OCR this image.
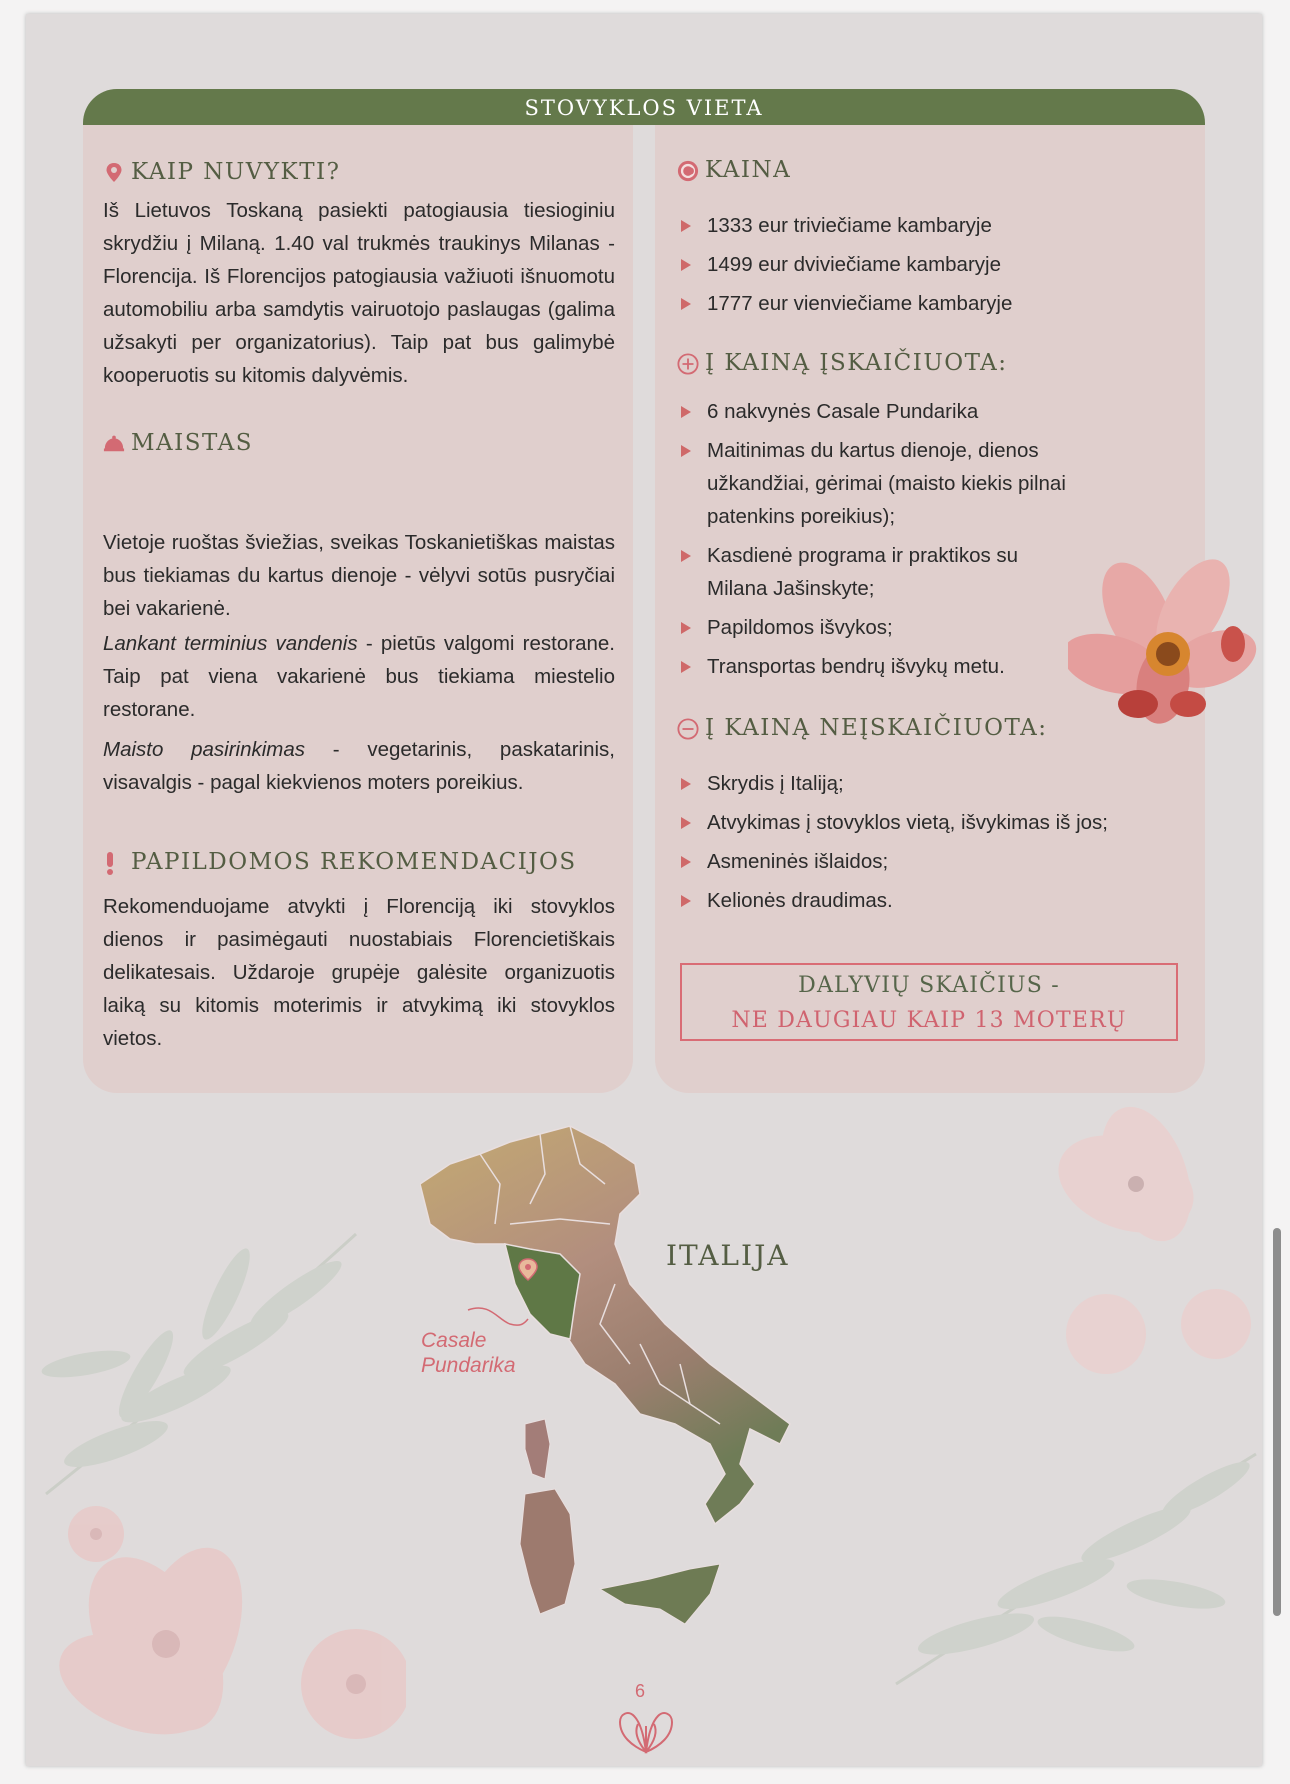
STOVYKLOS VIETA
KAIP NUVYKTI?

Iš Lietuvos Toskaną pasiekti patogiausia tiesioginiu skrydžiu į Milaną. 1.40 val trukmės traukinys Milanas - Florencija. Iš Florencijos patogiausia važiuoti išnuomotu automobiliu arba samdytis vairuotojo paslaugas (galima užsakyti per organizatorius). Taip pat bus galimybė kooperuotis su kitomis dalyvėmis.

MAISTAS

Vietoje ruoštas šviežias, sveikas Toskanietiškas maistas bus tiekiamas du kartus dienoje - vėlyvi sotūs pusryčiai bei vakarienė.

Lankant terminius vandenis - pietūs valgomi restorane. Taip pat viena vakarienė bus tiekiama miestelio restorane.

Maisto pasirinkimas - vegetarinis, paskatarinis, visavalgis - pagal kiekvienos moters poreikius.

PAPILDOMOS REKOMENDACIJOS

Rekomenduojame atvykti į Florenciją iki stovyklos dienos ir pasimėgauti nuostabiais Florencietiškais delikatesais. Uždaroje grupėje galėsite organizuotis laiką su kitomis moterimis ir atvykimą iki stovyklos vietos.

KAINA
1333 eur triviečiame kambaryje
1499 eur dviviečiame kambaryje
1777 eur vienviečiame kambaryje
Į KAINĄ ĮSKAIČIUOTA:
6 nakvynės Casale Pundarika
Maitinimas du kartus dienoje, dienos užkandžiai, gėrimai (maisto kiekis pilnai patenkins poreikius);
Kasdienė programa ir praktikos su Milana Jašinskyte;
Papildomos išvykos;
Transportas bendrų išvykų metu.
Į KAINĄ NEĮSKAIČIUOTA:
Skrydis į Italiją;
Atvykimas į stovyklos vietą, išvykimas iš jos;
Asmeninės išlaidos;
Kelionės draudimas.
DALYVIŲ SKAIČIUS -
NE DAUGIAU KAIP 13 MOTERŲ
ITALIJA
Casale
Pundarika
6
